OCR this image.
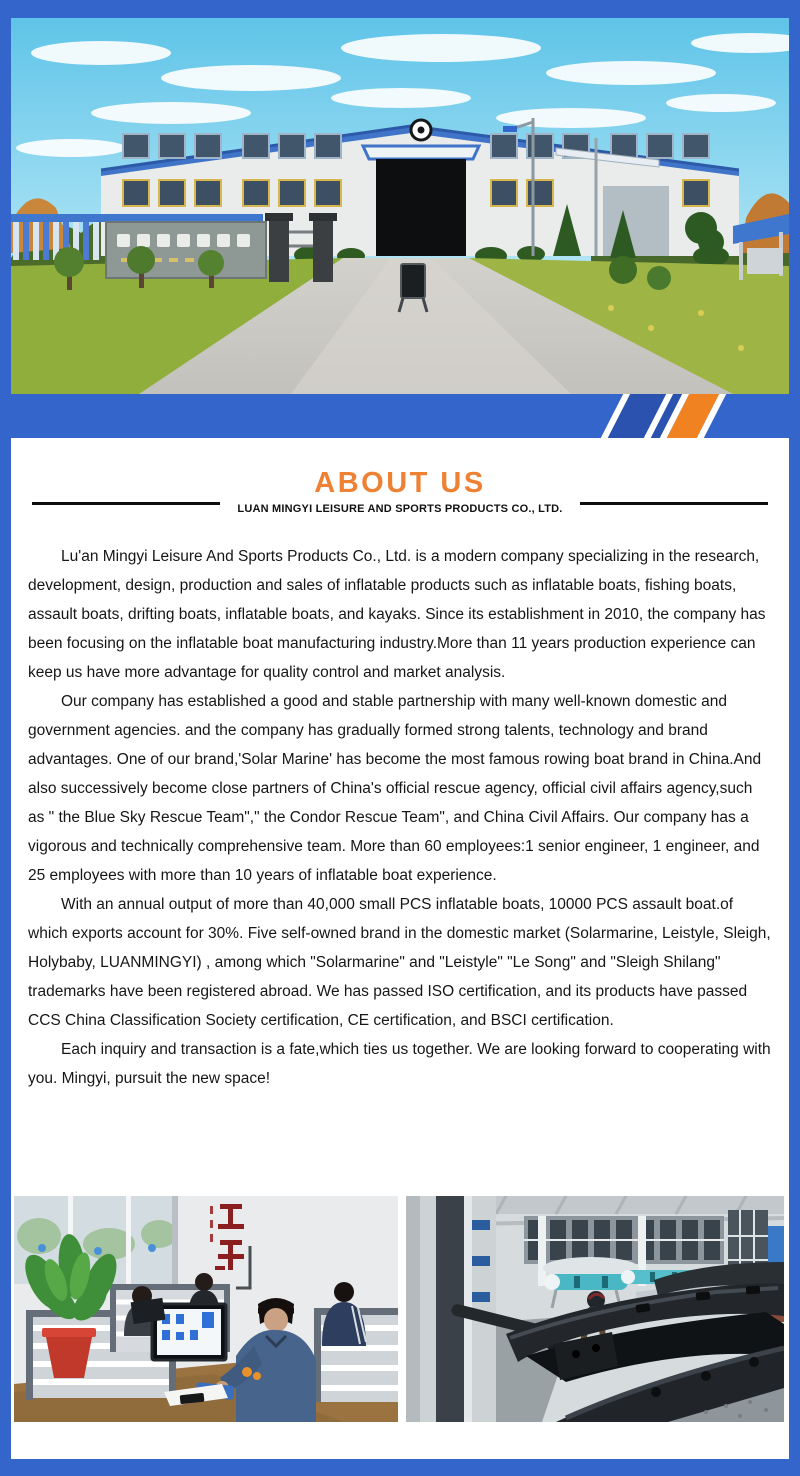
ABOUT US
LUAN MINGYI LEISURE AND SPORTS PRODUCTS CO., LTD.

Lu'an Mingyi Leisure And Sports Products Co., Ltd. is a modern company specializing in the research, development, design, production and sales of inflatable products such as inflatable boats, fishing boats, assault boats, drifting boats, inflatable boats, and kayaks. Since its establishment in 2010, the company has been focusing on the inflatable boat manufacturing industry.More than 11 years production experience can keep us have more advantage for quality control and market analysis.

Our company has established a good and stable partnership with many well-known domestic and government agencies. and the company has gradually formed strong talents, technology and brand advantages. One of our brand,'Solar Marine' has become the most famous rowing boat brand in China.And also successively become close partners of China's official rescue agency, official civil affairs agency,such as " the Blue Sky Rescue Team"," the Condor Rescue Team", and China Civil Affairs. Our company has a vigorous and technically comprehensive team. More than 60 employees:1 senior engineer, 1 engineer, and 25 employees with more than 10 years of inflatable boat experience.

With an annual output of more than 40,000 small PCS inflatable boats, 10000 PCS assault boat.of which exports account for 30%. Five self-owned brand in the domestic market (Solarmarine, Leistyle, Sleigh, Holybaby, LUANMINGYI) , among which "Solarmarine" and "Leistyle" "Le Song" and "Sleigh Shilang" trademarks have been registered abroad. We has passed ISO certification, and its products have passed CCS China Classification Society certification, CE certification, and BSCI certification.

Each inquiry and transaction is a fate,which ties us together. We are looking forward to cooperating with you. Mingyi, pursuit the new space!
